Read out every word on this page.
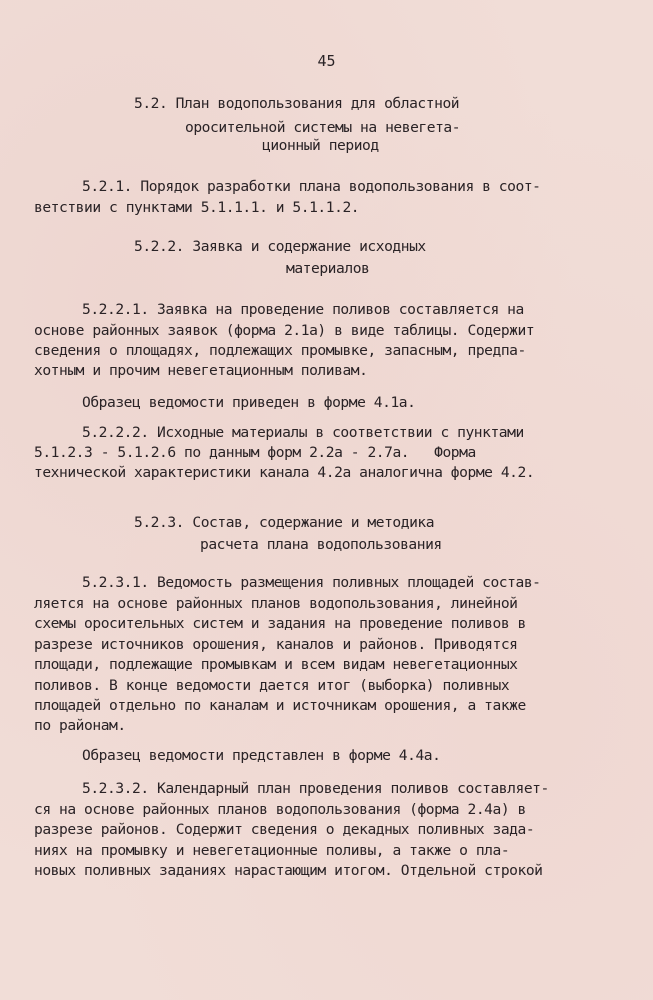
45
5.2. План водопользования для областной
оросительной системы на невегета-
ционный период
5.2.1. Порядок разработки плана водопользования в соот-
ветствии с пунктами 5.1.1.1. и 5.1.1.2.
5.2.2. Заявка и содержание исходных
материалов
5.2.2.1. Заявка на проведение поливов составляется на
основе районных заявок (форма 2.1а) в виде таблицы. Содержит
сведения о площадях, подлежащих промывке, запасным, предпа-
хотным и прочим невегетационным поливам.
Образец ведомости приведен в форме 4.1а.
5.2.2.2. Исходные материалы в соответствии с пунктами
5.1.2.3 - 5.1.2.6 по данным форм 2.2а - 2.7а.   Форма
технической характеристики канала 4.2а аналогична форме 4.2.
5.2.3. Состав, содержание и методика
расчета плана водопользования
5.2.3.1. Ведомость размещения поливных площадей состав-
ляется на основе районных планов водопользования, линейной
схемы оросительных систем и задания на проведение поливов в
разрезе источников орошения, каналов и районов. Приводятся
площади, подлежащие промывкам и всем видам невегетационных
поливов. В конце ведомости дается итог (выборка) поливных
площадей отдельно по каналам и источникам орошения, а также
по районам.
Образец ведомости представлен в форме 4.4а.
5.2.3.2. Календарный план проведения поливов составляет-
ся на основе районных планов водопользования (форма 2.4а) в
разрезе районов. Содержит сведения о декадных поливных зада-
ниях на промывку и невегетационные поливы, а также о пла-
новых поливных заданиях нарастающим итогом. Отдельной строкой
